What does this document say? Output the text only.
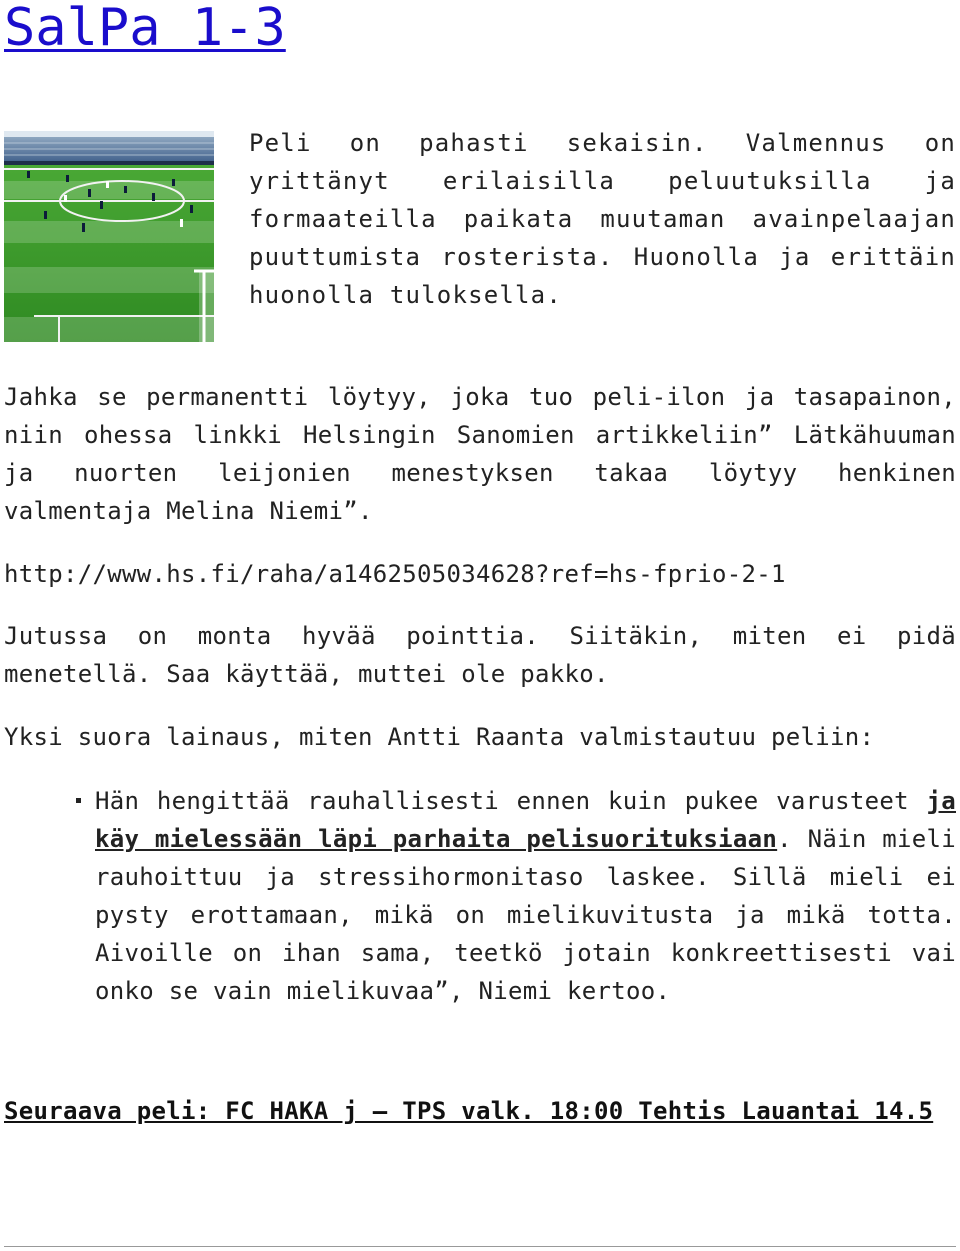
SalPa 1-3

Peli on pahasti sekaisin. Valmennus on yrittänyt erilaisilla peluutuksilla ja formaateilla paikata muutaman avainpelaajan puuttumista rosterista. Huonolla ja erittäin huonolla tuloksella.

Jahka se permanentti löytyy, joka tuo peli-ilon ja tasapainon, niin ohessa linkki Helsingin Sanomien artikkeliin” Lätkähuuman ja nuorten leijonien menestyksen takaa löytyy henkinen valmentaja Melina Niemi”.

http://www.hs.fi/raha/a1462505034628?ref=hs-fprio-2-1

Jutussa on monta hyvää pointtia. Siitäkin, miten ei pidä menetellä. Saa käyttää, muttei ole pakko.

Yksi suora lainaus, miten Antti Raanta valmistautuu peliin:

Hän hengittää rauhallisesti ennen kuin pukee varusteet ja käy mielessään läpi parhaita pelisuorituksiaan. Näin mieli rauhoittuu ja stressihormonitaso laskee. Sillä mieli ei pysty erottamaan, mikä on mielikuvitusta ja mikä totta. Aivoille on ihan sama, teetkö jotain konkreettisesti vai onko se vain mielikuvaa”, Niemi kertoo.

Seuraava peli: FC HAKA j – TPS valk. 18:00 Tehtis Lauantai 14.5
